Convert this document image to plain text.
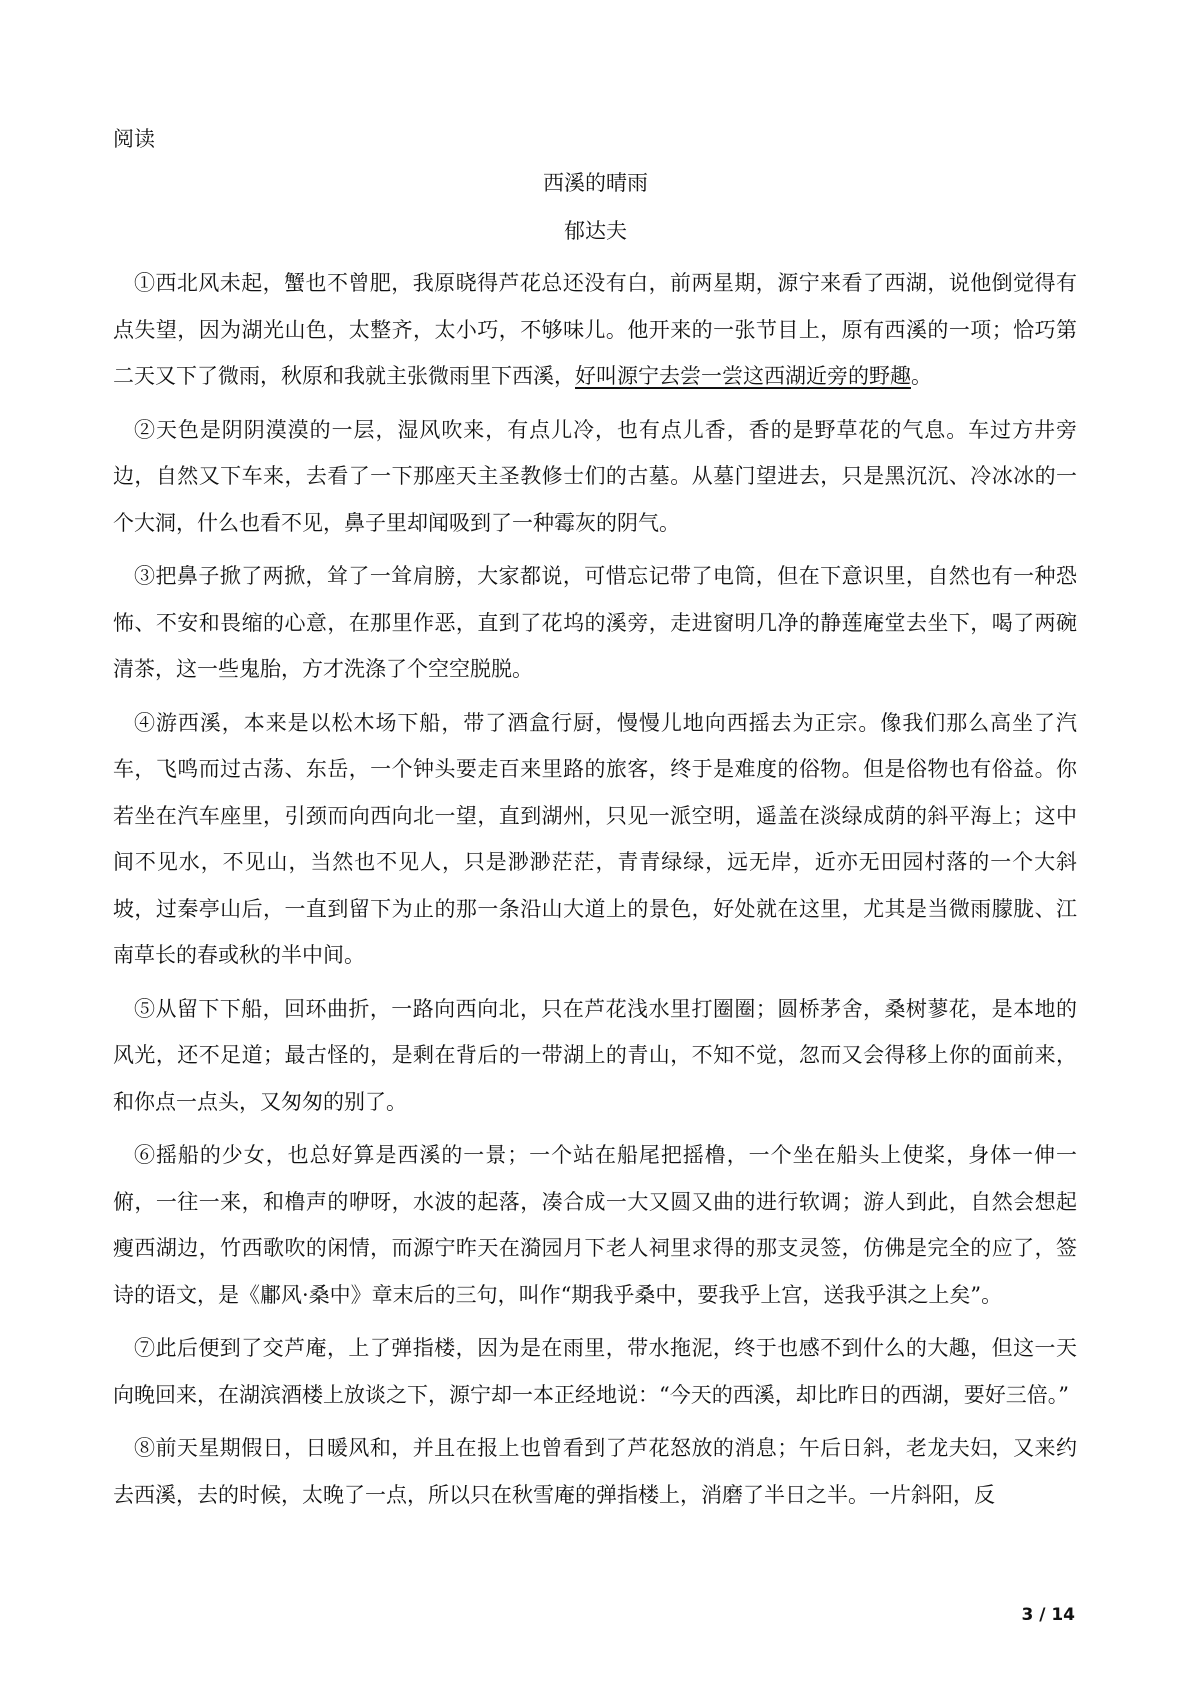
阅读
西溪的晴雨
郁达夫

①西北风未起，蟹也不曾肥，我原晓得芦花总还没有白，前两星期，源宁来看了西湖，说他倒觉得有点失望，因为湖光山色，太整齐，太小巧，不够味儿。他开来的一张节目上，原有西溪的一项；恰巧第二天又下了微雨，秋原和我就主张微雨里下西溪，好叫源宁去尝一尝这西湖近旁的野趣。

②天色是阴阴漠漠的一层，湿风吹来，有点儿冷，也有点儿香，香的是野草花的气息。车过方井旁边，自然又下车来，去看了一下那座天主圣教修士们的古墓。从墓门望进去，只是黑沉沉、冷冰冰的一个大洞，什么也看不见，鼻子里却闻吸到了一种霉灰的阴气。

③把鼻子掀了两掀，耸了一耸肩膀，大家都说，可惜忘记带了电筒，但在下意识里，自然也有一种恐怖、不安和畏缩的心意，在那里作恶，直到了花坞的溪旁，走进窗明几净的静莲庵堂去坐下，喝了两碗清茶，这一些鬼胎，方才洗涤了个空空脱脱。

④游西溪，本来是以松木场下船，带了酒盒行厨，慢慢儿地向西摇去为正宗。像我们那么高坐了汽车，飞鸣而过古荡、东岳，一个钟头要走百来里路的旅客，终于是难度的俗物。但是俗物也有俗益。你若坐在汽车座里，引颈而向西向北一望，直到湖州，只见一派空明，遥盖在淡绿成荫的斜平海上；这中间不见水，不见山，当然也不见人，只是渺渺茫茫，青青绿绿，远无岸，近亦无田园村落的一个大斜坡，过秦亭山后，一直到留下为止的那一条沿山大道上的景色，好处就在这里，尤其是当微雨朦胧、江南草长的春或秋的半中间。

⑤从留下下船，回环曲折，一路向西向北，只在芦花浅水里打圈圈；圆桥茅舍，桑树蓼花，是本地的风光，还不足道；最古怪的，是剩在背后的一带湖上的青山，不知不觉，忽而又会得移上你的面前来，和你点一点头，又匆匆的别了。

⑥摇船的少女，也总好算是西溪的一景；一个站在船尾把摇橹，一个坐在船头上使桨，身体一伸一俯，一往一来，和橹声的咿呀，水波的起落，凑合成一大又圆又曲的进行软调；游人到此，自然会想起瘦西湖边，竹西歌吹的闲情，而源宁昨天在漪园月下老人祠里求得的那支灵签，仿佛是完全的应了，签诗的语文，是《鄘风·桑中》章末后的三句，叫作“期我乎桑中，要我乎上宫，送我乎淇之上矣”。

⑦此后便到了交芦庵，上了弹指楼，因为是在雨里，带水拖泥，终于也感不到什么的大趣，但这一天向晚回来，在湖滨酒楼上放谈之下，源宁却一本正经地说：“今天的西溪，却比昨日的西湖，要好三倍。”

⑧前天星期假日，日暖风和，并且在报上也曾看到了芦花怒放的消息；午后日斜，老龙夫妇，又来约去西溪，去的时候，太晚了一点，所以只在秋雪庵的弹指楼上，消磨了半日之半。一片斜阳，反

3 / 14
